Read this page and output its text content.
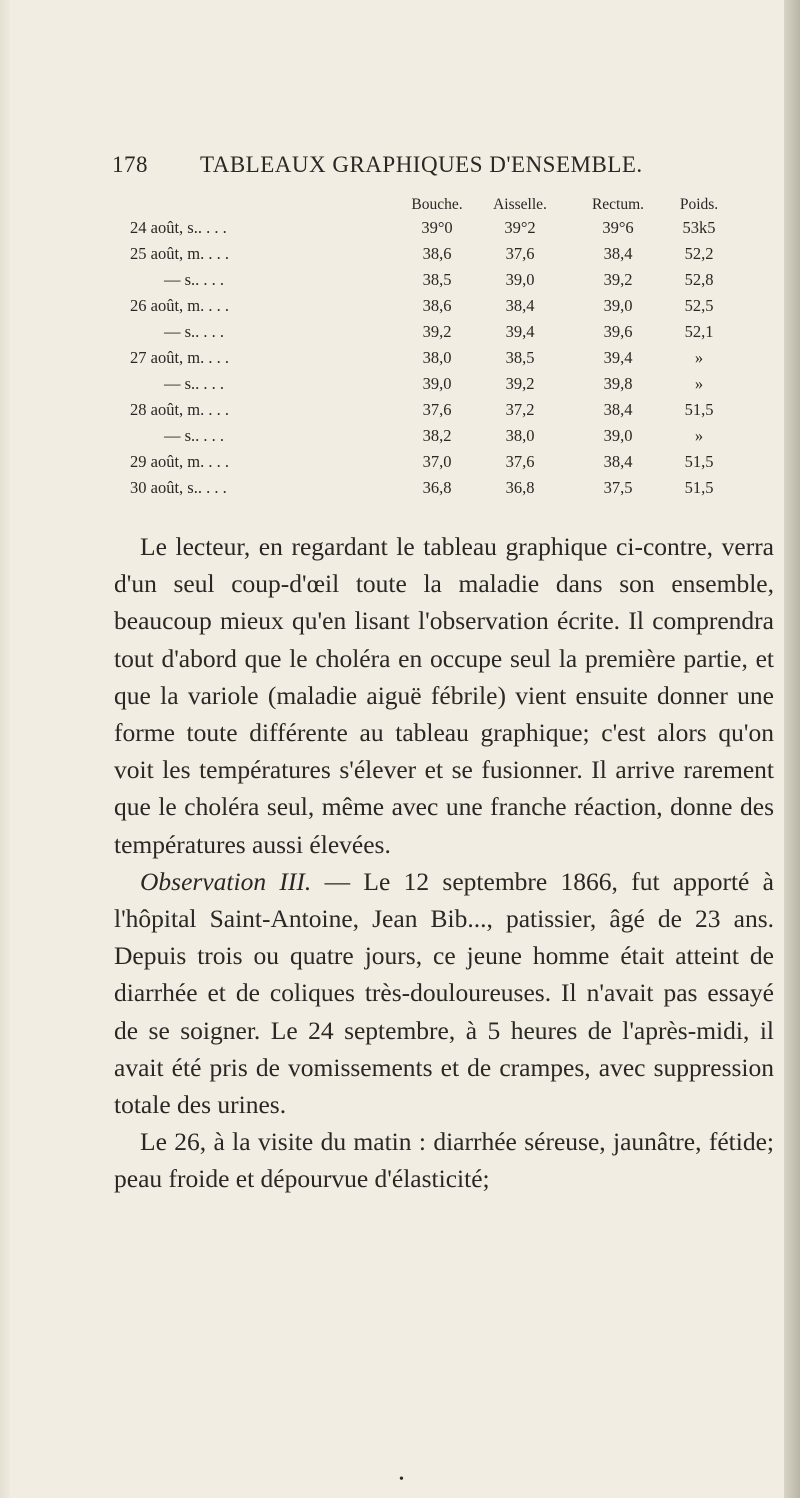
178 TABLEAUX GRAPHIQUES D'ENSEMBLE.
	Bouche.	Aisselle.	Rectum.	Poids.
24 août, s.. . . .	39°0	39°2	39°6	53k5
25 août, m. . . .	38,6	37,6	38,4	52,2
— s.. . . .	38,5	39,0	39,2	52,8
26 août, m. . . .	38,6	38,4	39,0	52,5
— s.. . . .	39,2	39,4	39,6	52,1
27 août, m. . . .	38,0	38,5	39,4	»
— s.. . . .	39,0	39,2	39,8	»
28 août, m. . . .	37,6	37,2	38,4	51,5
— s.. . . .	38,2	38,0	39,0	»
29 août, m. . . .	37,0	37,6	38,4	51,5
30 août, s.. . . .	36,8	36,8	37,5	51,5

Le lecteur, en regardant le tableau graphique ci-contre, verra d'un seul coup-d'œil toute la maladie dans son ensemble, beaucoup mieux qu'en lisant l'observation écrite. Il comprendra tout d'abord que le choléra en occupe seul la première partie, et que la variole (maladie aiguë fébrile) vient ensuite donner une forme toute différente au tableau graphique; c'est alors qu'on voit les températures s'élever et se fusionner. Il arrive rarement que le choléra seul, même avec une franche réaction, donne des températures aussi élevées.

Observation III. — Le 12 septembre 1866, fut apporté à l'hôpital Saint-Antoine, Jean Bib..., patissier, âgé de 23 ans. Depuis trois ou quatre jours, ce jeune homme était atteint de diarrhée et de coliques très-douloureuses. Il n'avait pas essayé de se soigner. Le 24 septembre, à 5 heures de l'après-midi, il avait été pris de vomissements et de crampes, avec suppression totale des urines.

Le 26, à la visite du matin : diarrhée séreuse, jaunâtre, fétide; peau froide et dépourvue d'élasticité;

•
